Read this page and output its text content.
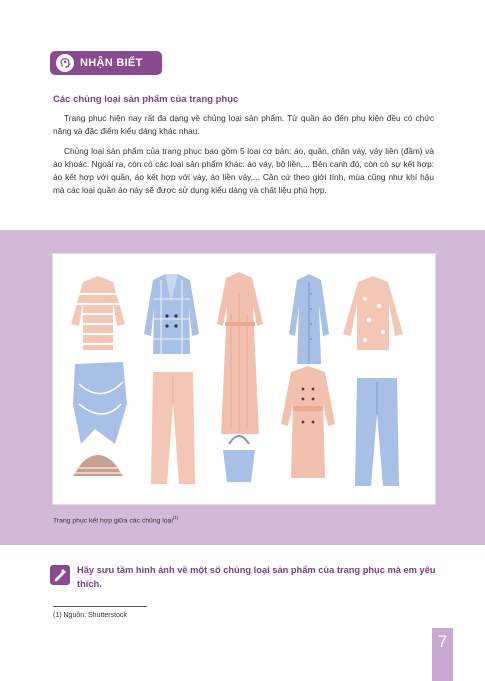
NHẬN BIẾT
Các chủng loại sản phẩm của trang phục

Trang phục hiện nay rất đa dạng về chủng loại sản phẩm. Từ quần áo đến phụ kiện đều có chức năng và đặc điểm kiểu dáng khác nhau.

Chủng loại sản phẩm của trang phục bao gồm 5 loại cơ bản: áo, quần, chân váy, váy liền (đầm) và áo khoác. Ngoài ra, còn có các loại sản phẩm khác: áo váy, bộ liền,... Bên cạnh đó, còn có sự kết hợp: áo kết hợp với quần, áo kết hợp với váy, áo liền váy,... Căn cứ theo giới tính, mùa cũng như khí hậu mà các loại quần áo này sẽ được sử dụng kiểu dáng và chất liệu phù hợp.

Trang phục kết hợp giữa các chủng loại$^{(1)}$
Hãy sưu tầm hình ảnh về một số chủng loại sản phẩm của trang phục mà em yêu thích.
(1) Nguồn: Shutterstock
7
